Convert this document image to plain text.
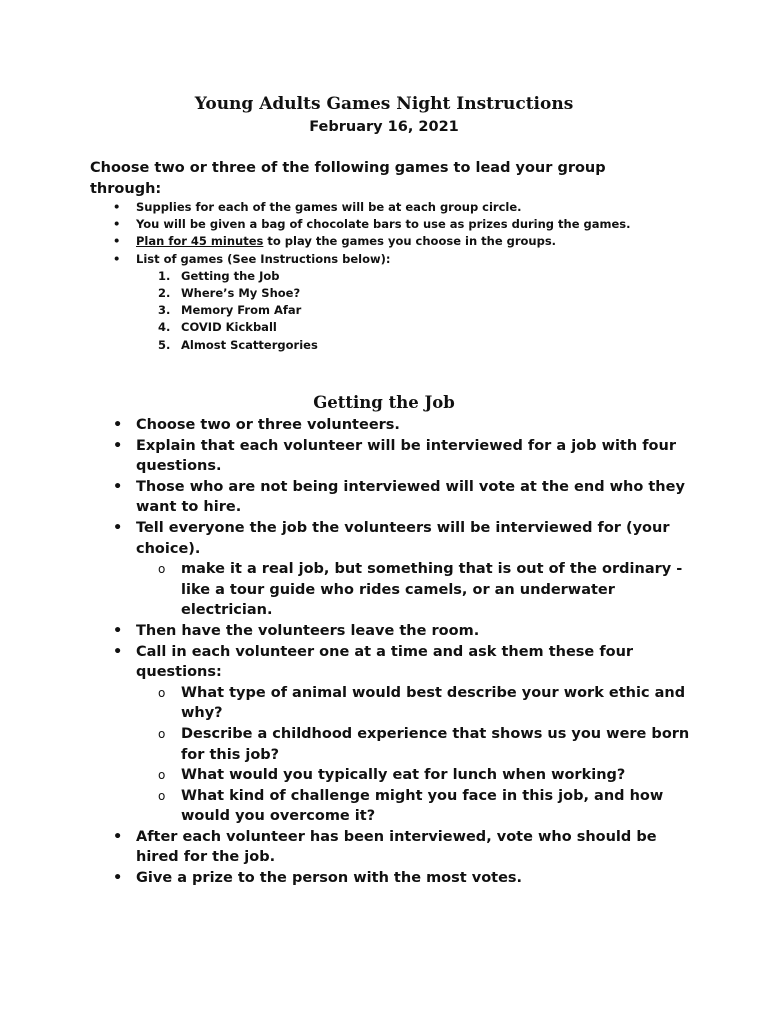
Young Adults Games Night Instructions
February 16, 2021
Choose two or three of the following games to lead your group through:
• Supplies for each of the games will be at each group circle.
• You will be given a bag of chocolate bars to use as prizes during the games.
• Plan for 45 minutes to play the games you choose in the groups.
• List of games (See Instructions below):
1. Getting the Job
2. Where’s My Shoe?
3. Memory From Afar
4. COVID Kickball
5. Almost Scattergories
Getting the Job
• Choose two or three volunteers.
• Explain that each volunteer will be interviewed for a job with four questions.
• Those who are not being interviewed will vote at the end who they want to hire.
• Tell everyone the job the volunteers will be interviewed for (your choice).
o make it a real job, but something that is out of the ordinary - like a tour guide who rides camels, or an underwater electrician.
• Then have the volunteers leave the room.
• Call in each volunteer one at a time and ask them these four questions:
o What type of animal would best describe your work ethic and why?
o Describe a childhood experience that shows us you were born for this job?
o What would you typically eat for lunch when working?
o What kind of challenge might you face in this job, and how would you overcome it?
• After each volunteer has been interviewed, vote who should be hired for the job.
• Give a prize to the person with the most votes.
